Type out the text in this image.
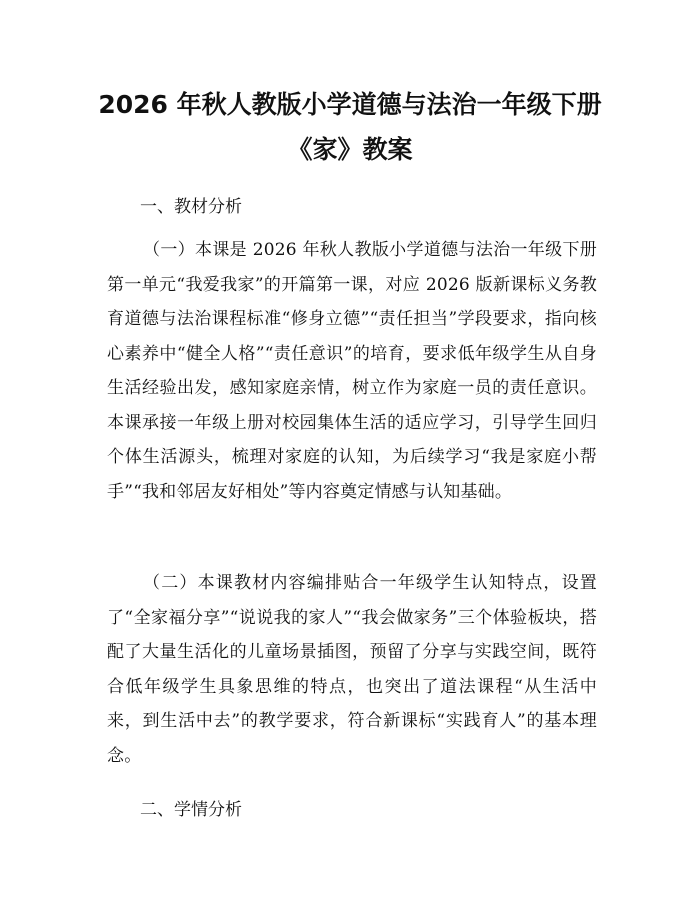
2026 年秋人教版小学道德与法治一年级下册
《家》教案
一、教材分析
（一）本课是 2026 年秋人教版小学道德与法治一年级下册第一单元“我爱我家”的开篇第一课，对应 2026 版新课标义务教育道德与法治课程标准“修身立德”“责任担当”学段要求，指向核心素养中“健全人格”“责任意识”的培育，要求低年级学生从自身生活经验出发，感知家庭亲情，树立作为家庭一员的责任意识。本课承接一年级上册对校园集体生活的适应学习，引导学生回归个体生活源头，梳理对家庭的认知，为后续学习“我是家庭小帮手”“我和邻居友好相处”等内容奠定情感与认知基础。
（二）本课教材内容编排贴合一年级学生认知特点，设置了“全家福分享”“说说我的家人”“我会做家务”三个体验板块，搭配了大量生活化的儿童场景插图，预留了分享与实践空间，既符合低年级学生具象思维的特点，也突出了道法课程“从生活中来，到生活中去”的教学要求，符合新课标“实践育人”的基本理念。
二、学情分析
